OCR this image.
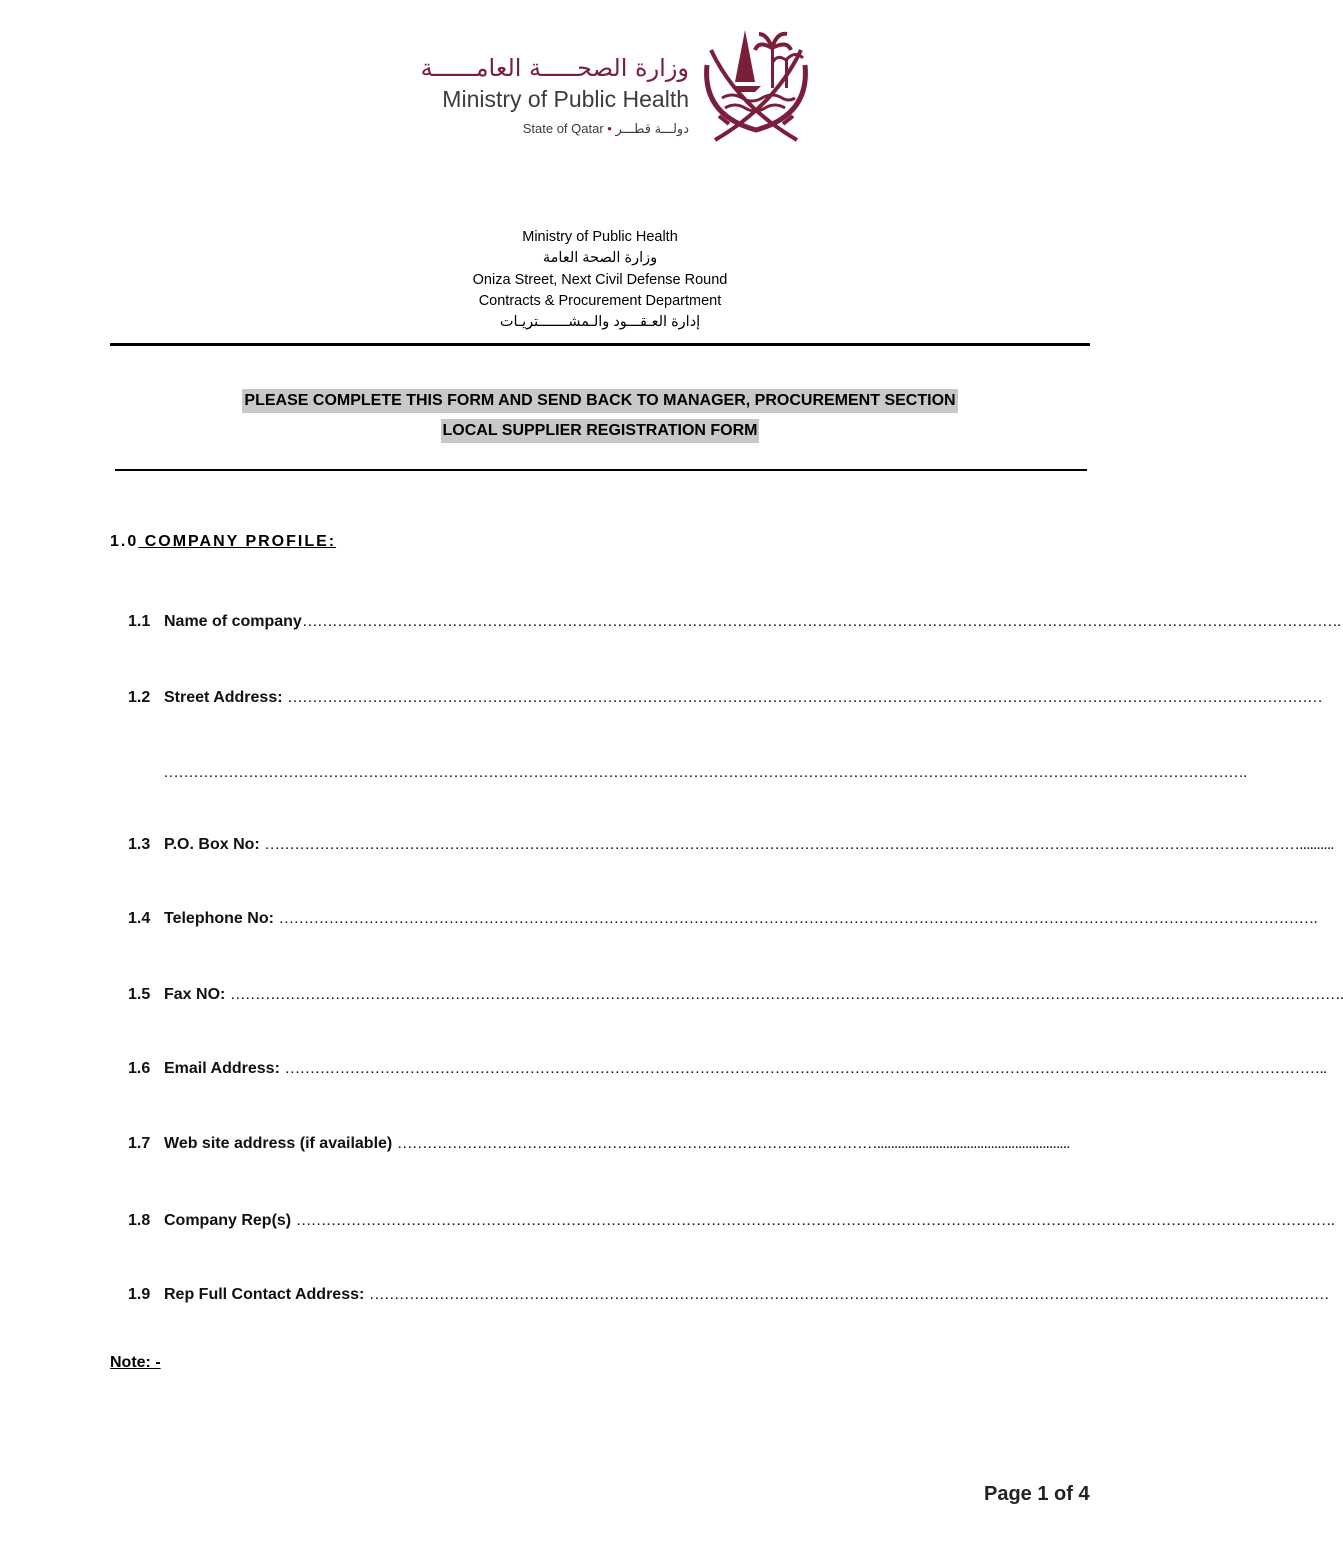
وزارة الصحـــــة العامــــــة
Ministry of Public Health
State of Qatar • دولـــة قطـــر
Ministry of Public Health
وزارة الصحة العامة
Oniza Street, Next Civil Defense Round
Contracts & Procurement Department
إدارة العـقـــود والـمشـــــــتريـات
PLEASE COMPLETE THIS FORM AND SEND BACK TO MANAGER, PROCUREMENT SECTION
LOCAL SUPPLIER REGISTRATION FORM
1.0 COMPANY PROFILE:
1.1 Name of company……………………………………………………………………………………………………………………………………………………………………………………….
1.2 Street Address: ………………………………………………………………………………………………………………………………………………………………………………………
……………………………………………………………………………………………………………………………………………………………………………………………….
1.3 P.O. Box No: ………………………………………………………………………………………………………………………………………………………………………………………..........
1.4 Telephone No: ……………………………………………………………………………………………………………………………………………………………………………………….
1.5 Fax NO: …………………………………………………………………………………………………………………………………………………………………………………………………….
1.6 Email Address: ………………………………………………………………………………………………………………………………………………………………………………………..
1.7 Web site address (if available) ……………………………………………………………………………………........................................................
1.8 Company Rep(s) ……………………………………………………………………………………………………………………………………………………………………………………….
1.9 Rep Full Contact Address: …………………………………………………………………………………………………………………………………………………………………………
Note: -
Page 1 of 4
